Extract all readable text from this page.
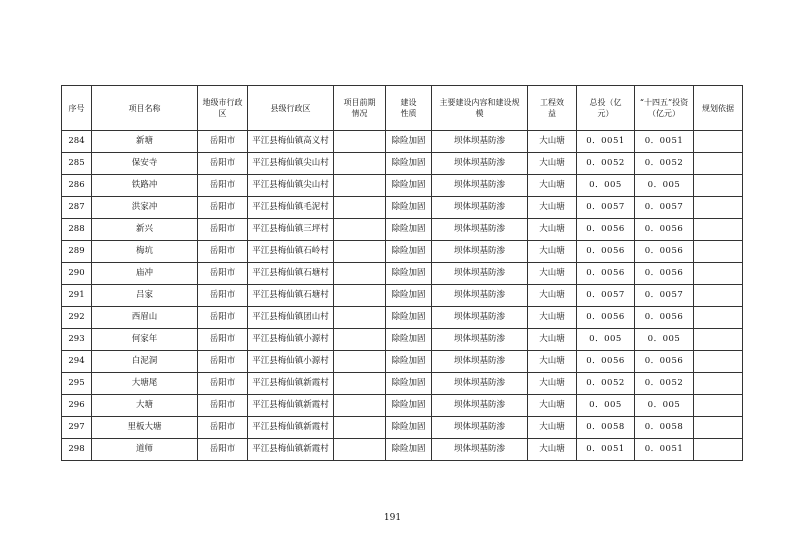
序号	项目名称	地级市行政区	县级行政区	项目前期情况	建设性质	主要建设内容和建设规模	工程效益	总投（亿元）	“十四五”投资（亿元）	规划依据
284	新塘	岳阳市	平江县梅仙镇高义村		除险加固	坝体坝基防渗	大山塘	0．0051	0．0051	
285	保安寺	岳阳市	平江县梅仙镇尖山村		除险加固	坝体坝基防渗	大山塘	0．0052	0．0052	
286	铁路冲	岳阳市	平江县梅仙镇尖山村		除险加固	坝体坝基防渗	大山塘	0．005	0．005	
287	洪家冲	岳阳市	平江县梅仙镇毛泥村		除险加固	坝体坝基防渗	大山塘	0．0057	0．0057	
288	新兴	岳阳市	平江县梅仙镇三坪村		除险加固	坝体坝基防渗	大山塘	0．0056	0．0056	
289	梅坑	岳阳市	平江县梅仙镇石岭村		除险加固	坝体坝基防渗	大山塘	0．0056	0．0056	
290	庙冲	岳阳市	平江县梅仙镇石塘村		除险加固	坝体坝基防渗	大山塘	0．0056	0．0056	
291	吕家	岳阳市	平江县梅仙镇石塘村		除险加固	坝体坝基防渗	大山塘	0．0057	0．0057	
292	西眉山	岳阳市	平江县梅仙镇团山村		除险加固	坝体坝基防渗	大山塘	0．0056	0．0056	
293	何家年	岳阳市	平江县梅仙镇小源村		除险加固	坝体坝基防渗	大山塘	0．005	0．005	
294	白泥洞	岳阳市	平江县梅仙镇小源村		除险加固	坝体坝基防渗	大山塘	0．0056	0．0056	
295	大塘尾	岳阳市	平江县梅仙镇新霞村		除险加固	坝体坝基防渗	大山塘	0．0052	0．0052	
296	大塘	岳阳市	平江县梅仙镇新霞村		除险加固	坝体坝基防渗	大山塘	0．005	0．005	
297	里板大塘	岳阳市	平江县梅仙镇新霞村		除险加固	坝体坝基防渗	大山塘	0．0058	0．0058	
298	道师	岳阳市	平江县梅仙镇新霞村		除险加固	坝体坝基防渗	大山塘	0．0051	0．0051	
191
